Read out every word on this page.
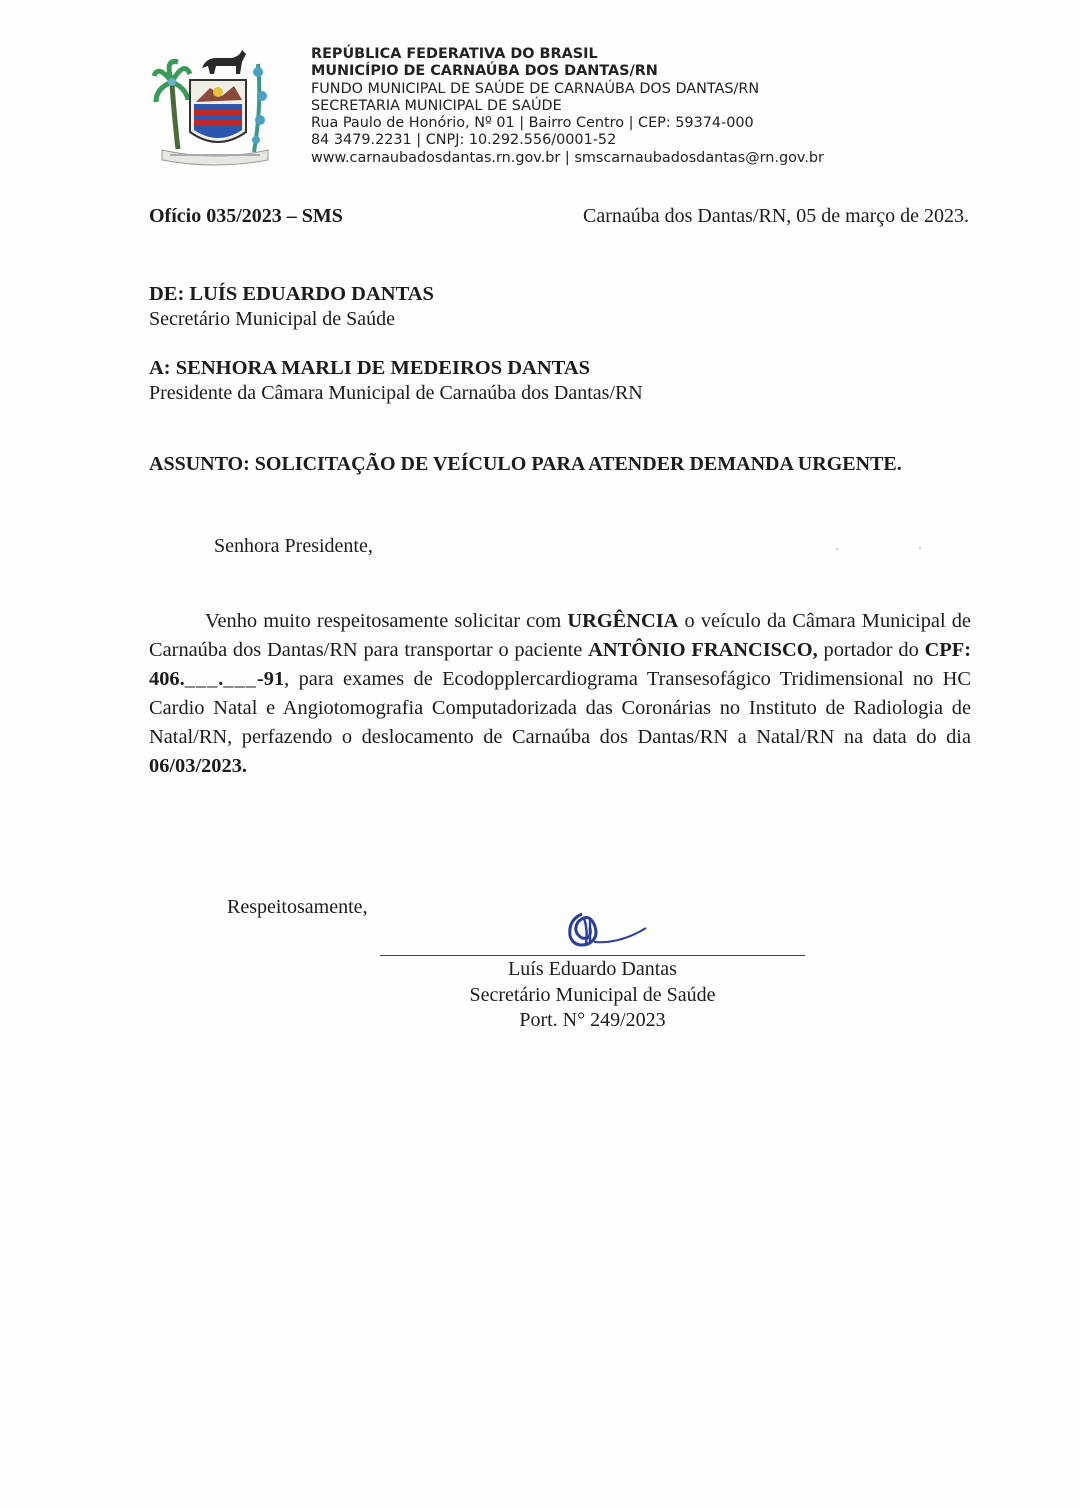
REPÚBLICA FEDERATIVA DO BRASIL
MUNICÍPIO DE CARNAÚBA DOS DANTAS/RN
FUNDO MUNICIPAL DE SAÚDE DE CARNAÚBA DOS DANTAS/RN
SECRETARIA MUNICIPAL DE SAÚDE
Rua Paulo de Honório, Nº 01 | Bairro Centro | CEP: 59374-000
84 3479.2231 | CNPJ: 10.292.556/0001-52
www.carnaubadosdantas.rn.gov.br | smscarnaubadosdantas@rn.gov.br
Ofício 035/2023 – SMS	Carnaúba dos Dantas/RN, 05 de março de 2023.
DE: LUÍS EDUARDO DANTAS
Secretário Municipal de Saúde
A: SENHORA MARLI DE MEDEIROS DANTAS
Presidente da Câmara Municipal de Carnaúba dos Dantas/RN
ASSUNTO: SOLICITAÇÃO DE VEÍCULO PARA ATENDER DEMANDA URGENTE.
Senhora Presidente,
Venho muito respeitosamente solicitar com URGÊNCIA o veículo da Câmara Municipal de Carnaúba dos Dantas/RN para transportar o paciente ANTÔNIO FRANCISCO, portador do CPF: 406.___.___-91, para exames de Ecodopplercardiograma Transesofágico Tridimensional no HC Cardio Natal e Angiotomografia Computadorizada das Coronárias no Instituto de Radiologia de Natal/RN, perfazendo o deslocamento de Carnaúba dos Dantas/RN a Natal/RN na data do dia 06/03/2023.
Respeitosamente,
Luís Eduardo Dantas
Secretário Municipal de Saúde
Port. N° 249/2023
